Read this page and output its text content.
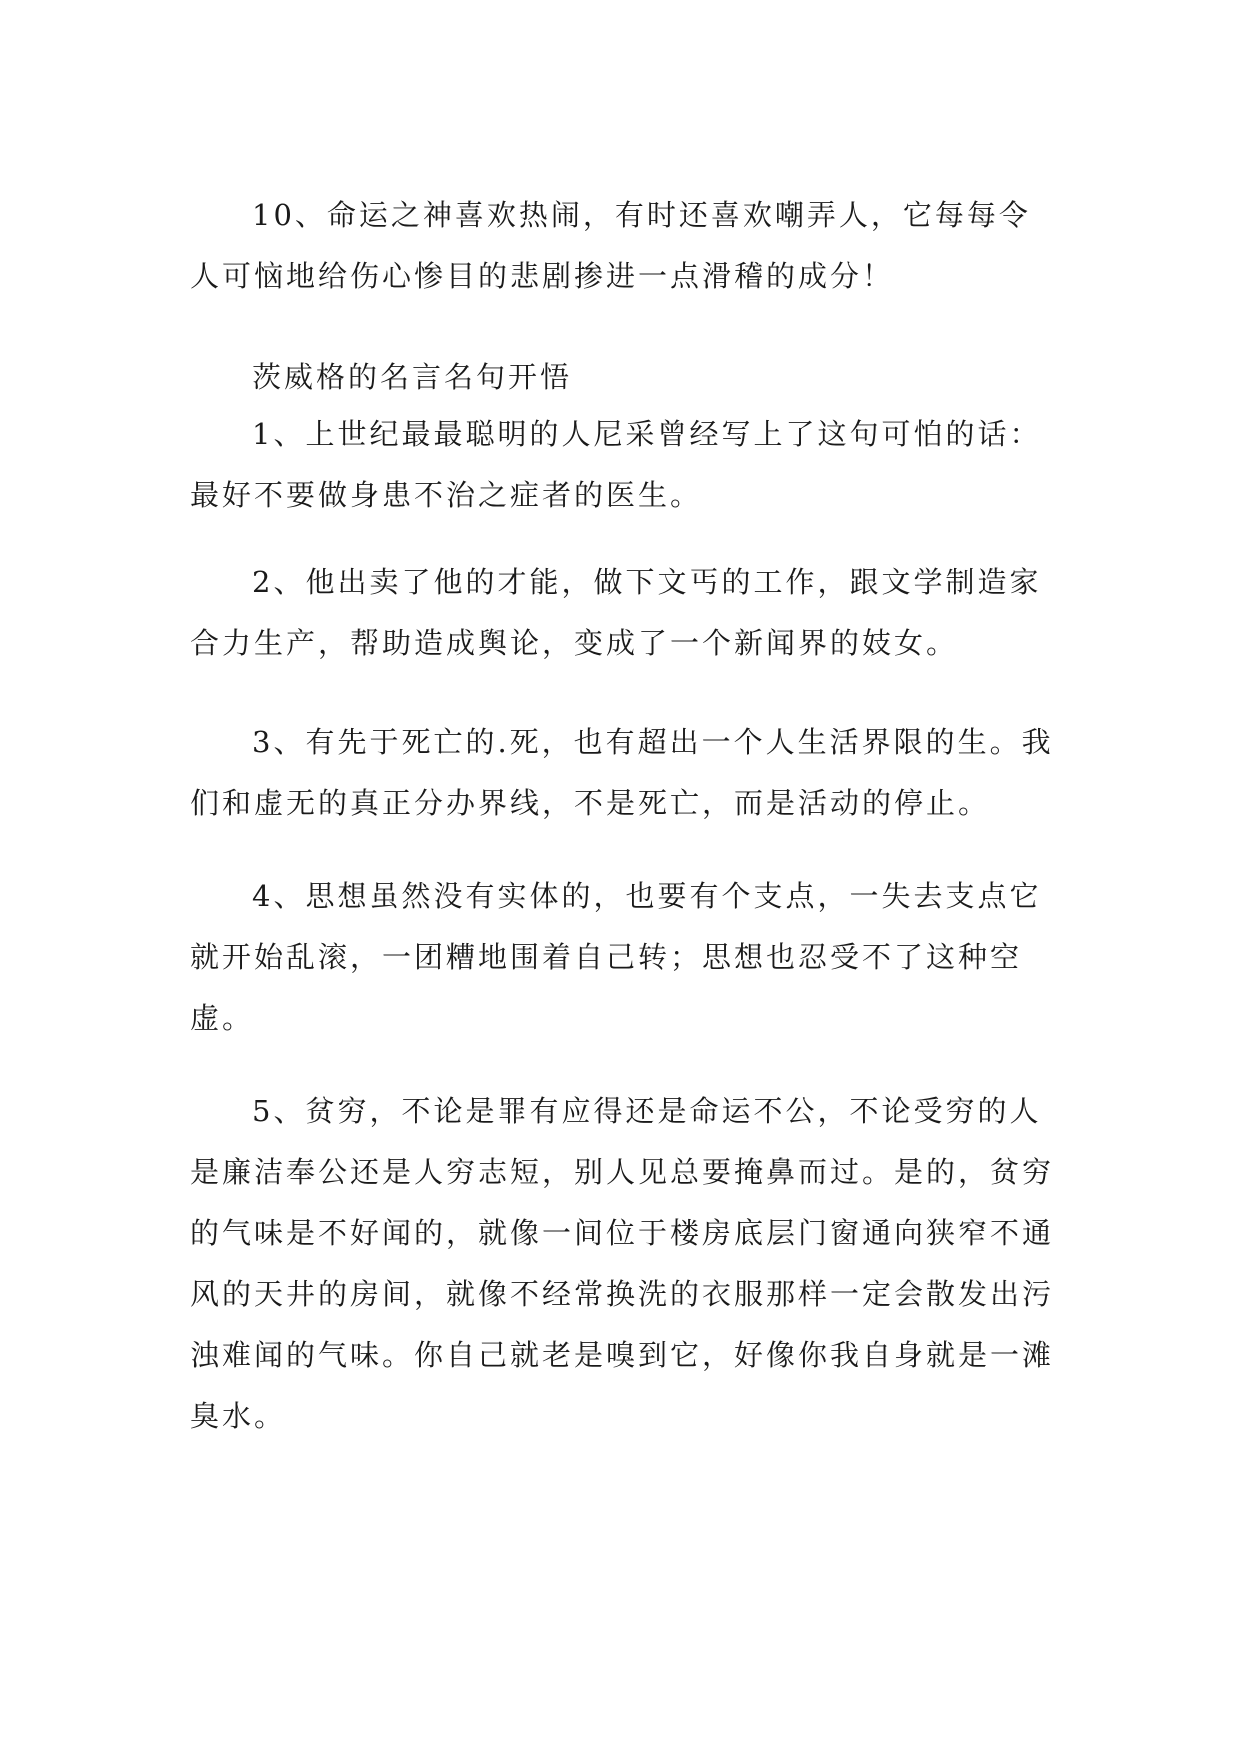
10、命运之神喜欢热闹，有时还喜欢嘲弄人，它每每令人可恼地给伤心惨目的悲剧掺进一点滑稽的成分！

茨威格的名言名句开悟

1、上世纪最最聪明的人尼采曾经写上了这句可怕的话：最好不要做身患不治之症者的医生。

2、他出卖了他的才能，做下文丐的工作，跟文学制造家合力生产，帮助造成舆论，变成了一个新闻界的妓女。

3、有先于死亡的.死，也有超出一个人生活界限的生。我们和虚无的真正分办界线，不是死亡，而是活动的停止。

4、思想虽然没有实体的，也要有个支点，一失去支点它就开始乱滚，一团糟地围着自己转；思想也忍受不了这种空虚。

5、贫穷，不论是罪有应得还是命运不公，不论受穷的人是廉洁奉公还是人穷志短，别人见总要掩鼻而过。是的，贫穷的气味是不好闻的，就像一间位于楼房底层门窗通向狭窄不通风的天井的房间，就像不经常换洗的衣服那样一定会散发出污浊难闻的气味。你自己就老是嗅到它，好像你我自身就是一滩臭水。
